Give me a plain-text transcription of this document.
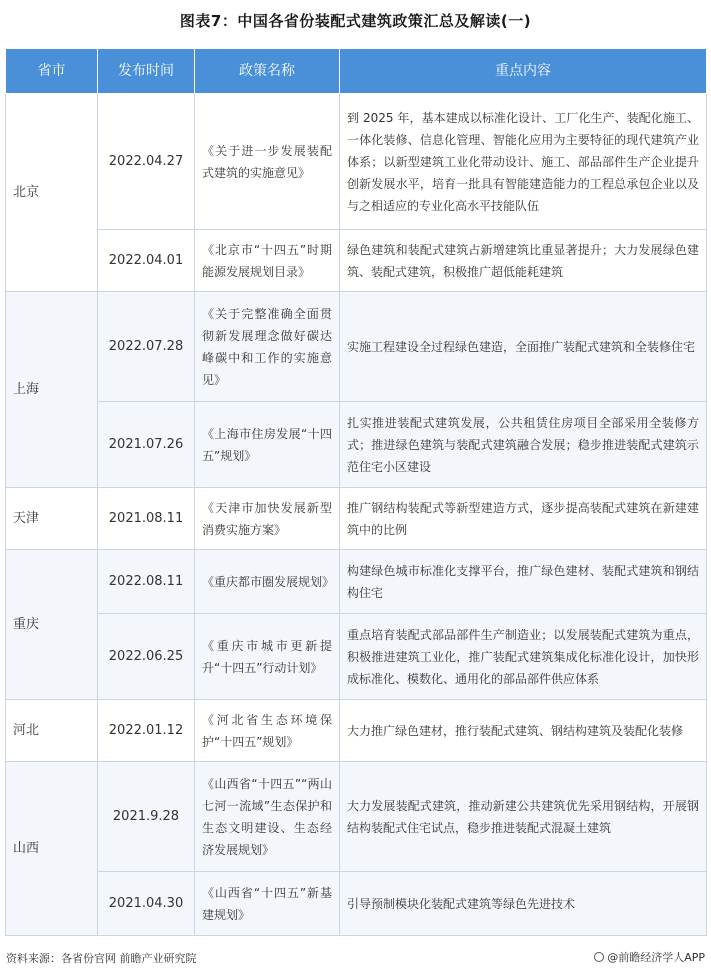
图表7：中国各省份装配式建筑政策汇总及解读(一)
省市	发布时间	政策名称	重点内容
北京	2022.04.27	《关于进一步发展装配式建筑的实施意见》	到 2025 年，基本建成以标准化设计、工厂化生产、装配化施工、一体化装修、信息化管理、智能化应用为主要特征的现代建筑产业体系；以新型建筑工业化带动设计、施工、部品部件生产企业提升创新发展水平，培育一批具有智能建造能力的工程总承包企业以及与之相适应的专业化高水平技能队伍
	2022.04.01	《北京市“十四五”时期能源发展规划目录》	绿色建筑和装配式建筑占新增建筑比重显著提升；大力发展绿色建筑、装配式建筑，积极推广超低能耗建筑
上海	2022.07.28	《关于完整准确全面贯彻新发展理念做好碳达峰碳中和工作的实施意见》	实施工程建设全过程绿色建造，全面推广装配式建筑和全装修住宅
	2021.07.26	《上海市住房发展“十四五”规划》	扎实推进装配式建筑发展，公共租赁住房项目全部采用全装修方式；推进绿色建筑与装配式建筑融合发展；稳步推进装配式建筑示范住宅小区建设
天津	2021.08.11	《天津市加快发展新型消费实施方案》	推广钢结构装配式等新型建造方式，逐步提高装配式建筑在新建建筑中的比例
重庆	2022.08.11	《重庆都市圈发展规划》	构建绿色城市标准化支撑平台，推广绿色建材、装配式建筑和钢结构住宅
	2022.06.25	《重庆市城市更新提升“十四五”行动计划》	重点培育装配式部品部件生产制造业；以发展装配式建筑为重点，积极推进建筑工业化，推广装配式建筑集成化标准化设计，加快形成标准化、模数化、通用化的部品部件供应体系
河北	2022.01.12	《河北省生态环境保护“十四五”规划》	大力推广绿色建材，推行装配式建筑、钢结构建筑及装配化装修
山西	2021.9.28	《山西省“十四五”“两山七河一流域”生态保护和生态文明建设、生态经济发展规划》	大力发展装配式建筑，推动新建公共建筑优先采用钢结构，开展钢结构装配式住宅试点，稳步推进装配式混凝土建筑
	2021.04.30	《山西省“十四五”新基建规划》	引导预制模块化装配式建筑等绿色先进技术
资料来源：各省份官网 前瞻产业研究院	@前瞻经济学人APP
